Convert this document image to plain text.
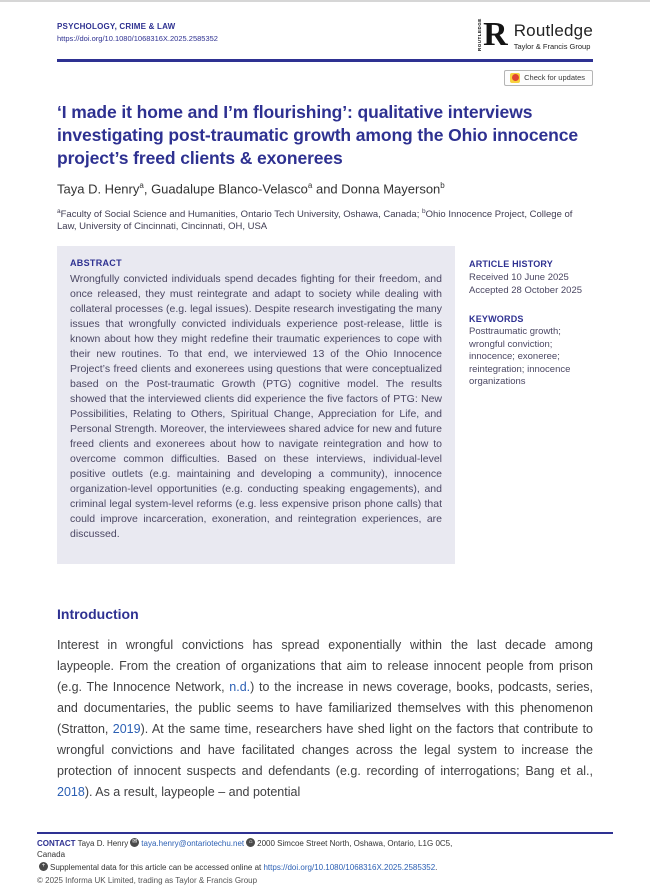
PSYCHOLOGY, CRIME & LAW
https://doi.org/10.1080/1068316X.2025.2585352	ROUTLEDGE R Routledge
Taylor & Francis Group
Check for updates
‘I made it home and I’m flourishing’: qualitative interviews investigating post-traumatic growth among the Ohio innocence project’s freed clients & exonerees
Taya D. Henry$^a$, Guadalupe Blanco-Velasco$^a$ and Donna Mayerson$^b$
$^a$Faculty of Social Science and Humanities, Ontario Tech University, Oshawa, Canada; $^b$Ohio Innocence Project, College of Law, University of Cincinnati, Cincinnati, OH, USA
ABSTRACT

Wrongfully convicted individuals spend decades fighting for their freedom, and once released, they must reintegrate and adapt to society while dealing with collateral processes (e.g. legal issues). Despite research investigating the many issues that wrongfully convicted individuals experience post-release, little is known about how they might redefine their traumatic experiences to cope with their new routines. To that end, we interviewed 13 of the Ohio Innocence Project’s freed clients and exonerees using questions that were conceptualized based on the Post-traumatic Growth (PTG) cognitive model. The results showed that the interviewed clients did experience the five factors of PTG: New Possibilities, Relating to Others, Spiritual Change, Appreciation for Life, and Personal Strength. Moreover, the interviewees shared advice for new and future freed clients and exonerees about how to navigate reintegration and how to overcome common difficulties. Based on these interviews, individual-level positive outlets (e.g. maintaining and developing a community), innocence organization-level opportunities (e.g. conducting speaking engagements), and criminal legal system-level reforms (e.g. less expensive prison phone calls) that could improve incarceration, exoneration, and reintegration experiences, are discussed.

ARTICLE HISTORY
Received 10 June 2025
Accepted 28 October 2025
KEYWORDS
Posttraumatic growth; wrongful conviction; innocence; exoneree; reintegration; innocence organizations
Introduction

Interest in wrongful convictions has spread exponentially within the last decade among laypeople. From the creation of organizations that aim to release innocent people from prison (e.g. The Innocence Network, n.d.) to the increase in news coverage, books, podcasts, series, and documentaries, the public seems to have familiarized themselves with this phenomenon (Stratton, 2019). At the same time, researchers have shed light on the factors that contribute to wrongful convictions and have facilitated changes across the legal system to increase the protection of innocent suspects and defendants (e.g. recording of interrogations; Bang et al., 2018). As a result, laypeople – and potential

CONTACT Taya D. Henry ✉ taya.henry@ontariotechu.net ⌂ 2000 Simcoe Street North, Oshawa, Ontario, L1G 0C5,
Canada
+ Supplemental data for this article can be accessed online at https://doi.org/10.1080/1068316X.2025.2585352.
© 2025 Informa UK Limited, trading as Taylor & Francis Group
